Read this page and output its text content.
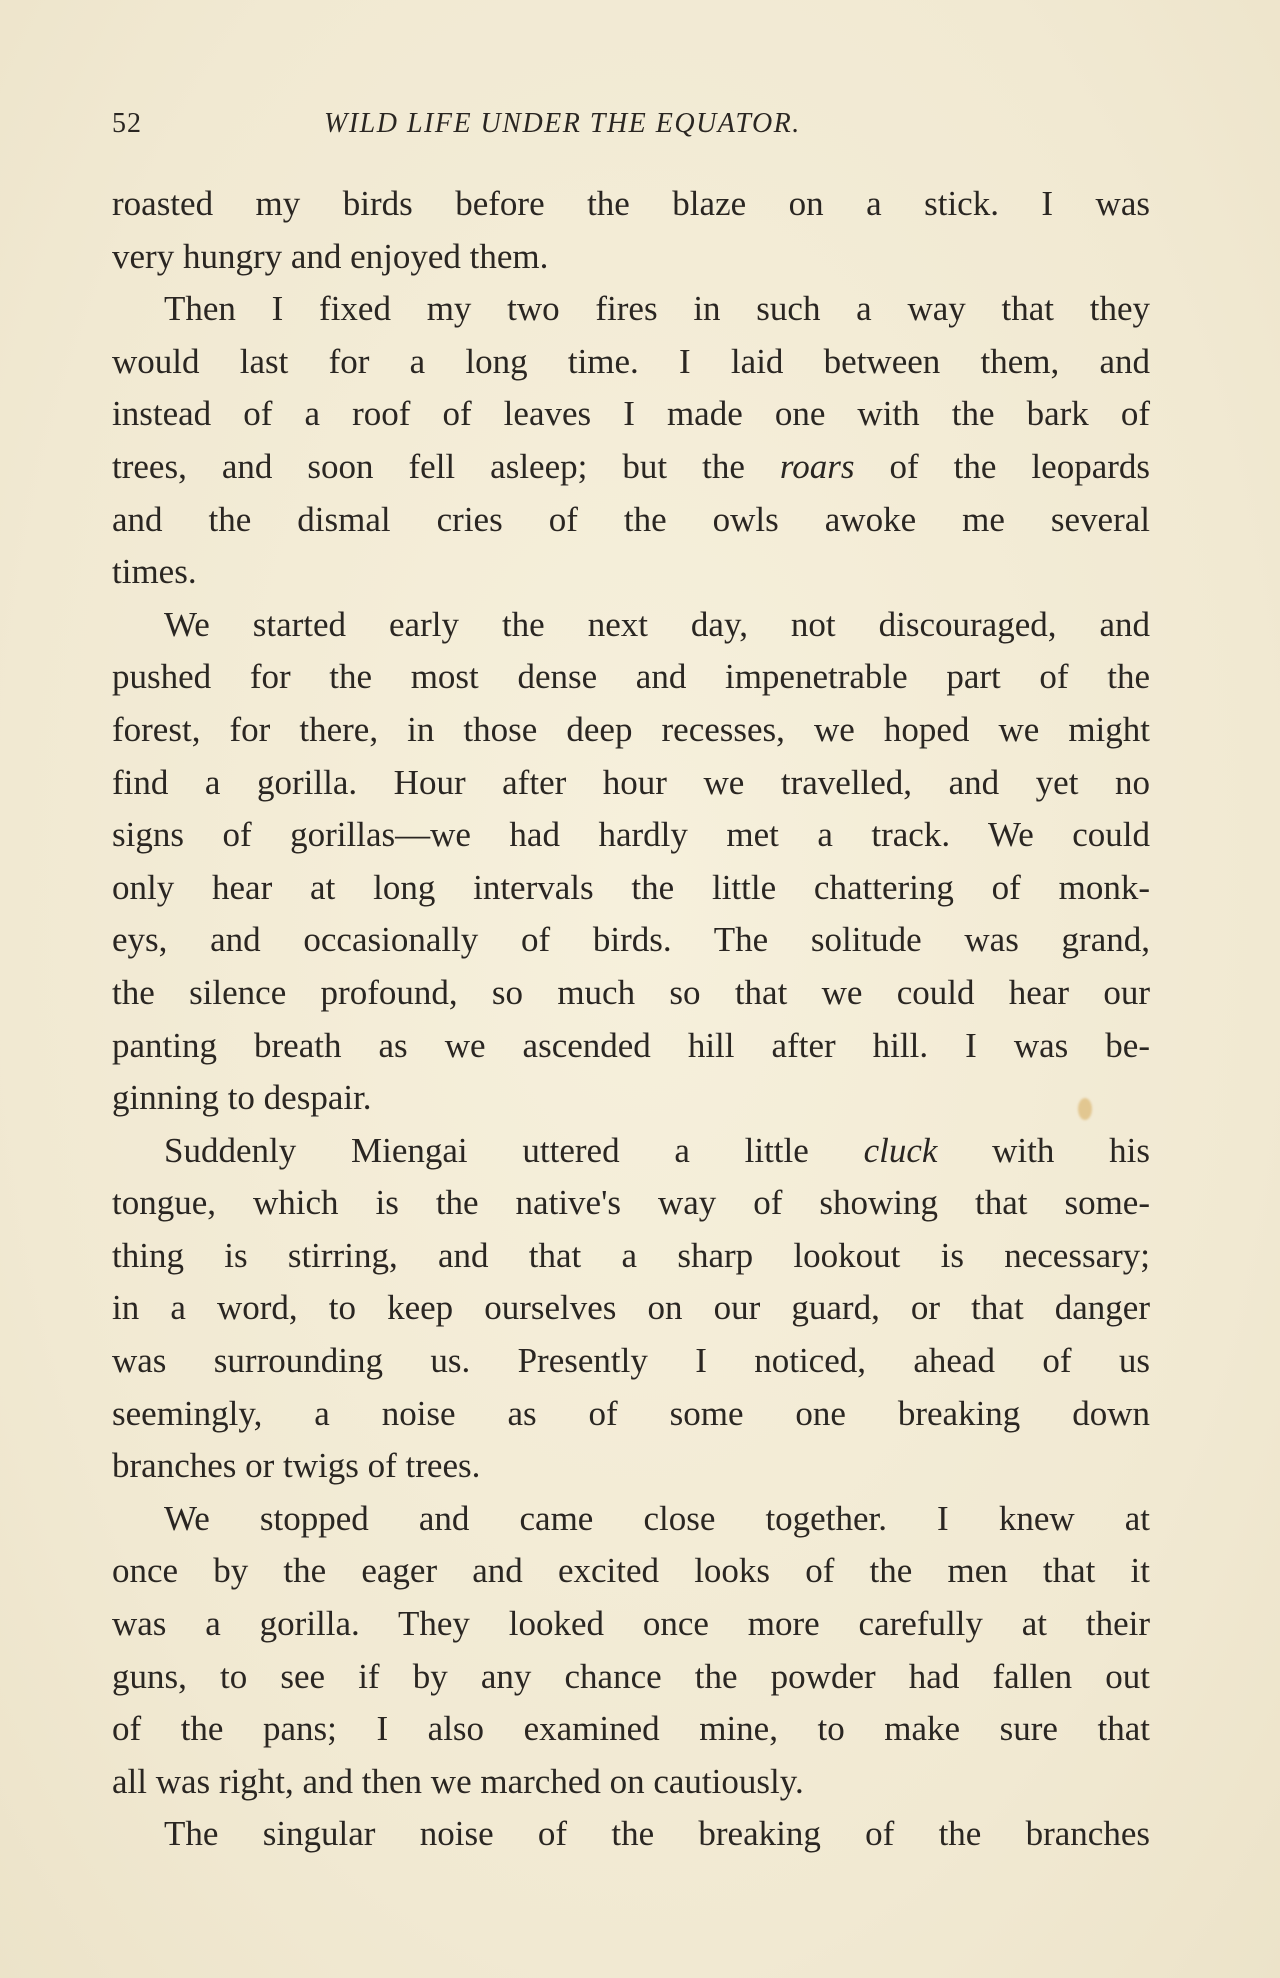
52	WILD LIFE UNDER THE EQUATOR.
roasted my birds before the blaze on a stick. I was
very hungry and enjoyed them.
Then I fixed my two fires in such a way that they
would last for a long time. I laid between them, and
instead of a roof of leaves I made one with the bark of
trees, and soon fell asleep; but the roars of the leopards
and the dismal cries of the owls awoke me several
times.
We started early the next day, not discouraged, and
pushed for the most dense and impenetrable part of the
forest, for there, in those deep recesses, we hoped we might
find a gorilla. Hour after hour we travelled, and yet no
signs of gorillas—we had hardly met a track. We could
only hear at long intervals the little chattering of monk-
eys, and occasionally of birds. The solitude was grand,
the silence profound, so much so that we could hear our
panting breath as we ascended hill after hill. I was be-
ginning to despair.
Suddenly Miengai uttered a little cluck with his
tongue, which is the native's way of showing that some-
thing is stirring, and that a sharp lookout is necessary;
in a word, to keep ourselves on our guard, or that danger
was surrounding us. Presently I noticed, ahead of us
seemingly, a noise as of some one breaking down
branches or twigs of trees.
We stopped and came close together. I knew at
once by the eager and excited looks of the men that it
was a gorilla. They looked once more carefully at their
guns, to see if by any chance the powder had fallen out
of the pans; I also examined mine, to make sure that
all was right, and then we marched on cautiously.
The singular noise of the breaking of the branches
